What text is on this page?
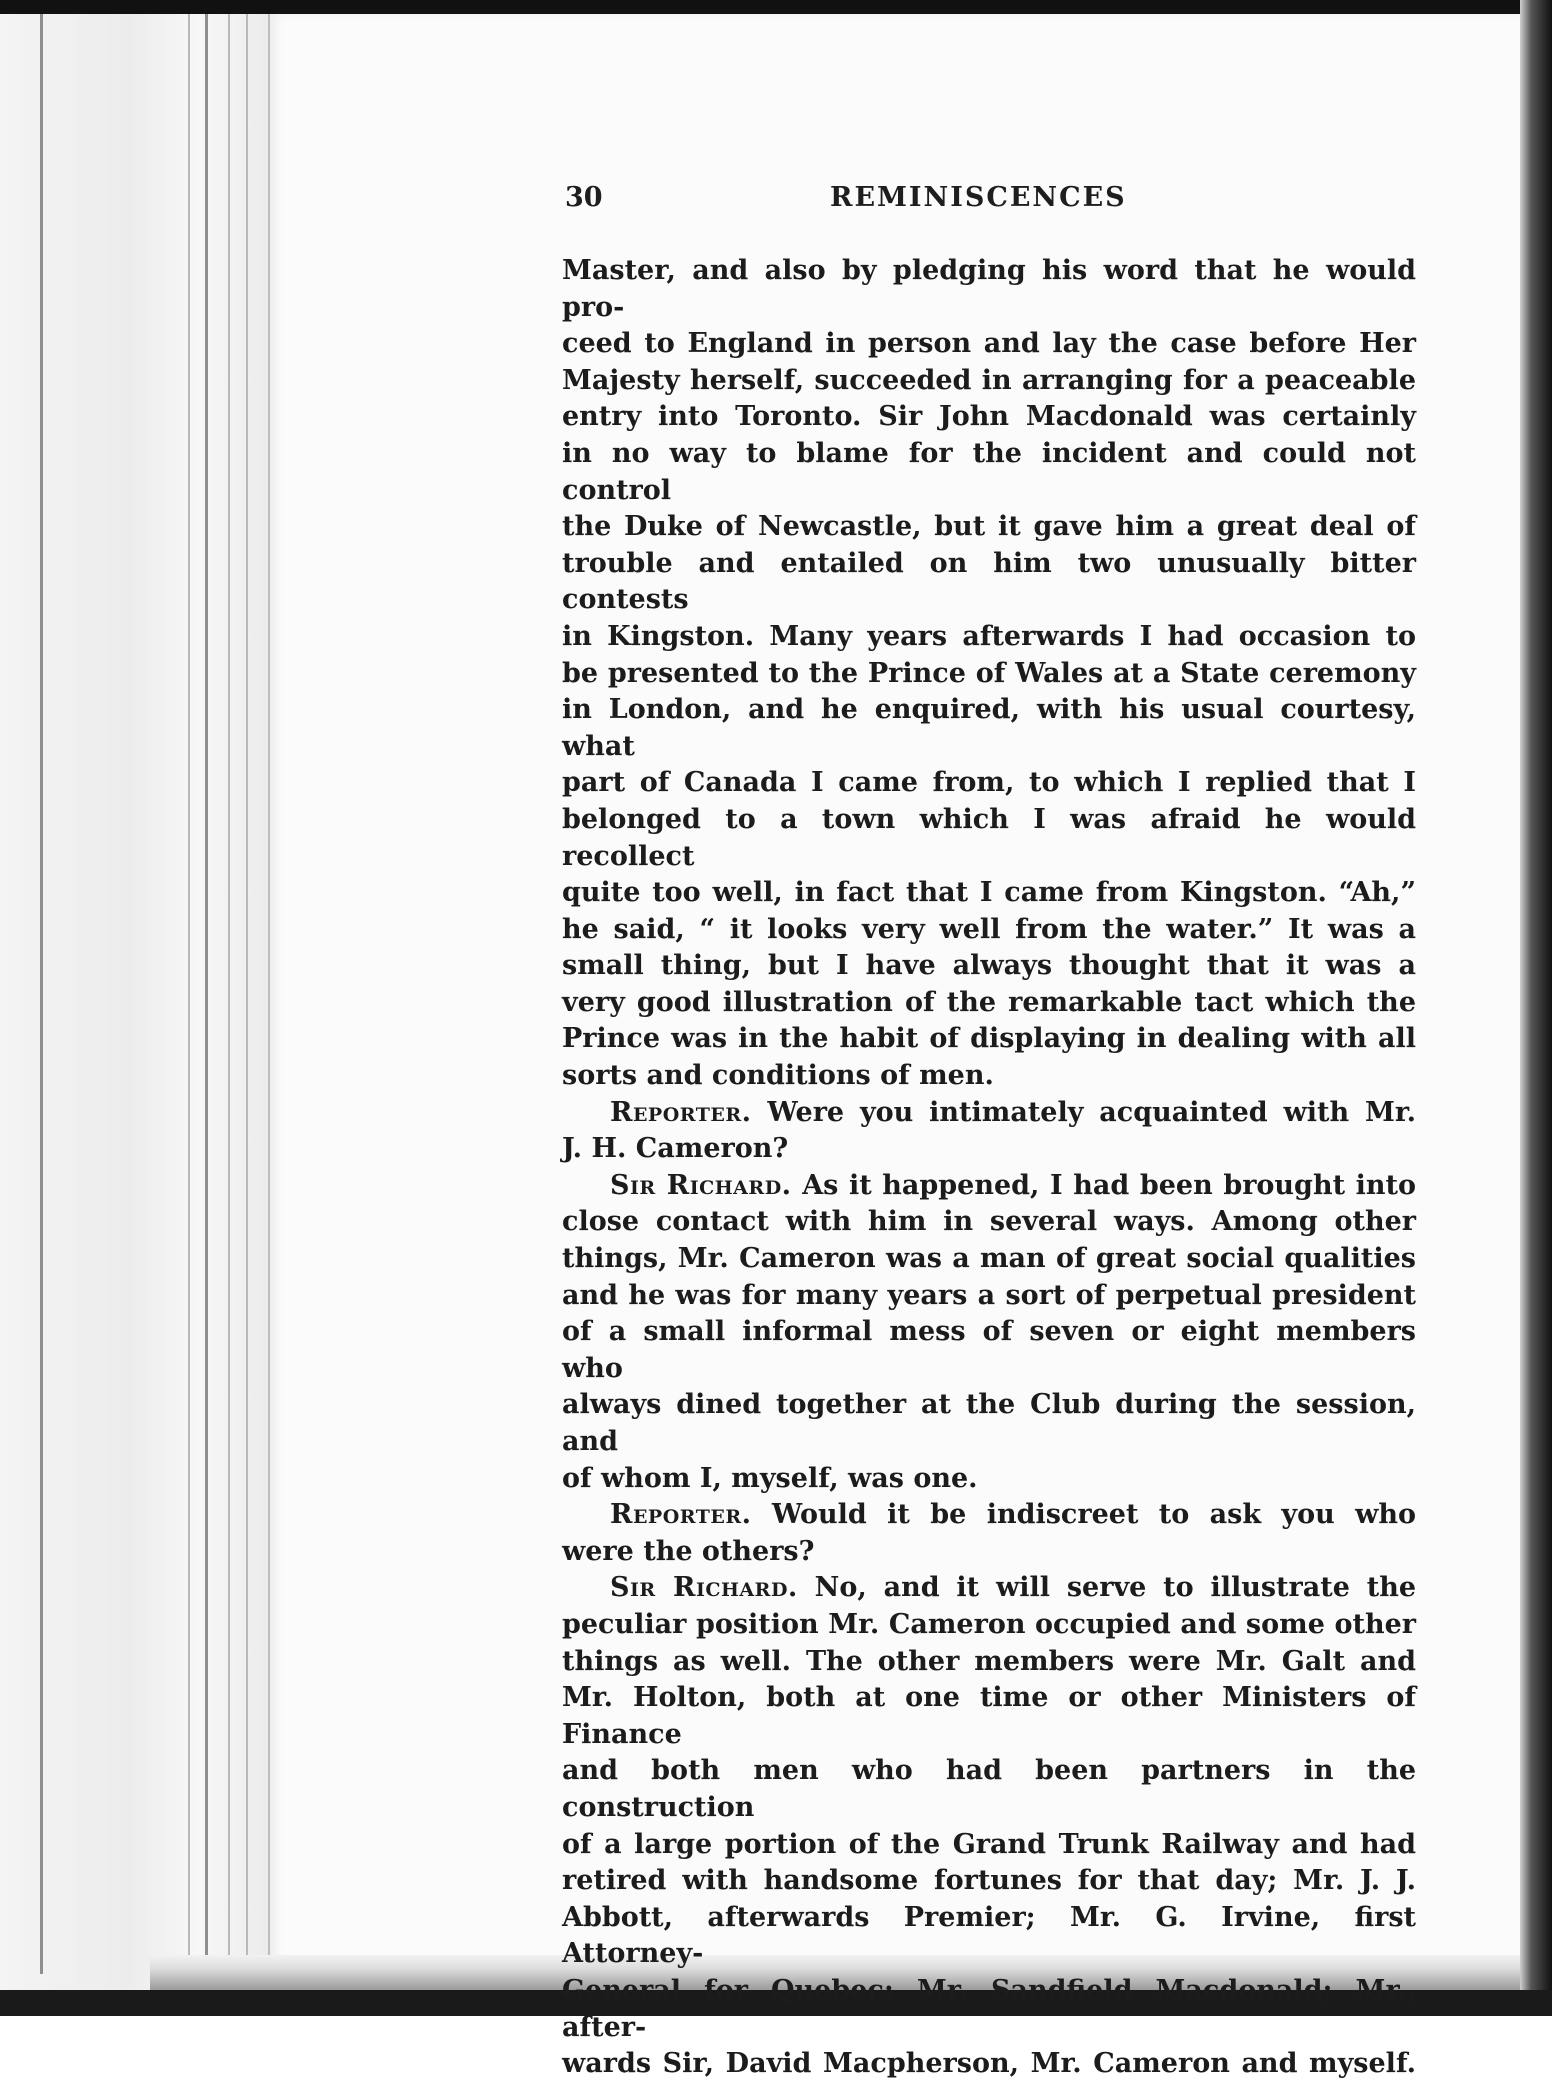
30	REMINISCENCES
Master, and also by pledging his word that he would pro-
ceed to England in person and lay the case before Her
Majesty herself, succeeded in arranging for a peaceable
entry into Toronto. Sir John Macdonald was certainly
in no way to blame for the incident and could not control
the Duke of Newcastle, but it gave him a great deal of
trouble and entailed on him two unusually bitter contests
in Kingston. Many years afterwards I had occasion to
be presented to the Prince of Wales at a State ceremony
in London, and he enquired, with his usual courtesy, what
part of Canada I came from, to which I replied that I
belonged to a town which I was afraid he would recollect
quite too well, in fact that I came from Kingston. “Ah,”
he said, “ it looks very well from the water.” It was a
small thing, but I have always thought that it was a
very good illustration of the remarkable tact which the
Prince was in the habit of displaying in dealing with all
sorts and conditions of men.
Reporter. Were you intimately acquainted with Mr.
J. H. Cameron?
Sir Richard. As it happened, I had been brought into
close contact with him in several ways. Among other
things, Mr. Cameron was a man of great social qualities
and he was for many years a sort of perpetual president
of a small informal mess of seven or eight members who
always dined together at the Club during the session, and
of whom I, myself, was one.
Reporter. Would it be indiscreet to ask you who
were the others?
Sir Richard. No, and it will serve to illustrate the
peculiar position Mr. Cameron occupied and some other
things as well. The other members were Mr. Galt and
Mr. Holton, both at one time or other Ministers of Finance
and both men who had been partners in the construction
of a large portion of the Grand Trunk Railway and had
retired with handsome fortunes for that day; Mr. J. J.
Abbott, afterwards Premier; Mr. G. Irvine, first Attorney-
General for Quebec; Mr. Sandfield Macdonald; Mr., after-
wards Sir, David Macpherson, Mr. Cameron and myself.
